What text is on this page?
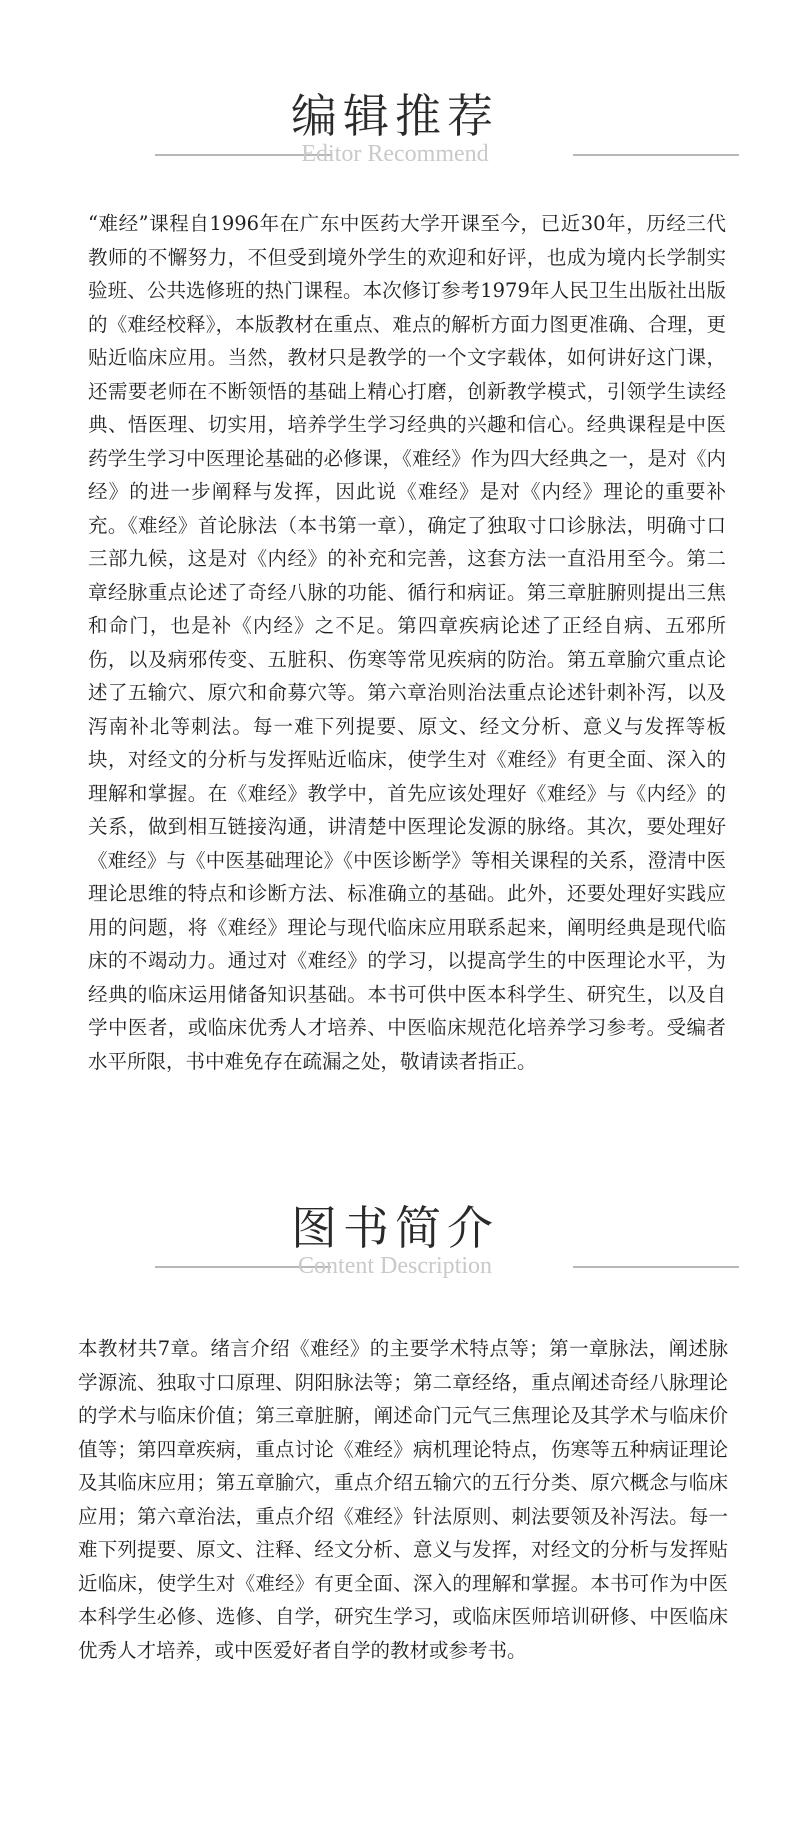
编辑推荐
Editor Recommend
“难经”课程自1996年在广东中医药大学开课至今，已近30年，历经三代教师的不懈努力，不但受到境外学生的欢迎和好评，也成为境内长学制实验班、公共选修班的热门课程。本次修订参考1979年人民卫生出版社出版的《难经校释》，本版教材在重点、难点的解析方面力图更准确、合理，更贴近临床应用。当然，教材只是教学的一个文字载体，如何讲好这门课，还需要老师在不断领悟的基础上精心打磨，创新教学模式，引领学生读经典、悟医理、切实用，培养学生学习经典的兴趣和信心。经典课程是中医药学生学习中医理论基础的必修课，《难经》作为四大经典之一，是对《内经》的进一步阐释与发挥，因此说《难经》是对《内经》理论的重要补充。《难经》首论脉法（本书第一章），确定了独取寸口诊脉法，明确寸口三部九候，这是对《内经》的补充和完善，这套方法一直沿用至今。第二章经脉重点论述了奇经八脉的功能、循行和病证。第三章脏腑则提出三焦和命门，也是补《内经》之不足。第四章疾病论述了正经自病、五邪所伤，以及病邪传变、五脏积、伤寒等常见疾病的防治。第五章腧穴重点论述了五输穴、原穴和俞募穴等。第六章治则治法重点论述针刺补泻，以及泻南补北等刺法。每一难下列提要、原文、经文分析、意义与发挥等板块，对经文的分析与发挥贴近临床，使学生对《难经》有更全面、深入的理解和掌握。在《难经》教学中，首先应该处理好《难经》与《内经》的关系，做到相互链接沟通，讲清楚中医理论发源的脉络。其次，要处理好《难经》与《中医基础理论》《中医诊断学》等相关课程的关系，澄清中医理论思维的特点和诊断方法、标准确立的基础。此外，还要处理好实践应用的问题，将《难经》理论与现代临床应用联系起来，阐明经典是现代临床的不竭动力。通过对《难经》的学习，以提高学生的中医理论水平，为经典的临床运用储备知识基础。本书可供中医本科学生、研究生，以及自学中医者，或临床优秀人才培养、中医临床规范化培养学习参考。受编者水平所限，书中难免存在疏漏之处，敬请读者指正。
图书简介
Content Description
本教材共7章。绪言介绍《难经》的主要学术特点等；第一章脉法，阐述脉学源流、独取寸口原理、阴阳脉法等；第二章经络，重点阐述奇经八脉理论的学术与临床价值；第三章脏腑，阐述命门元气三焦理论及其学术与临床价值等；第四章疾病，重点讨论《难经》病机理论特点，伤寒等五种病证理论及其临床应用；第五章腧穴，重点介绍五输穴的五行分类、原穴概念与临床应用；第六章治法，重点介绍《难经》针法原则、刺法要领及补泻法。每一难下列提要、原文、注释、经文分析、意义与发挥，对经文的分析与发挥贴近临床，使学生对《难经》有更全面、深入的理解和掌握。本书可作为中医本科学生必修、选修、自学，研究生学习，或临床医师培训研修、中医临床优秀人才培养，或中医爱好者自学的教材或参考书。
